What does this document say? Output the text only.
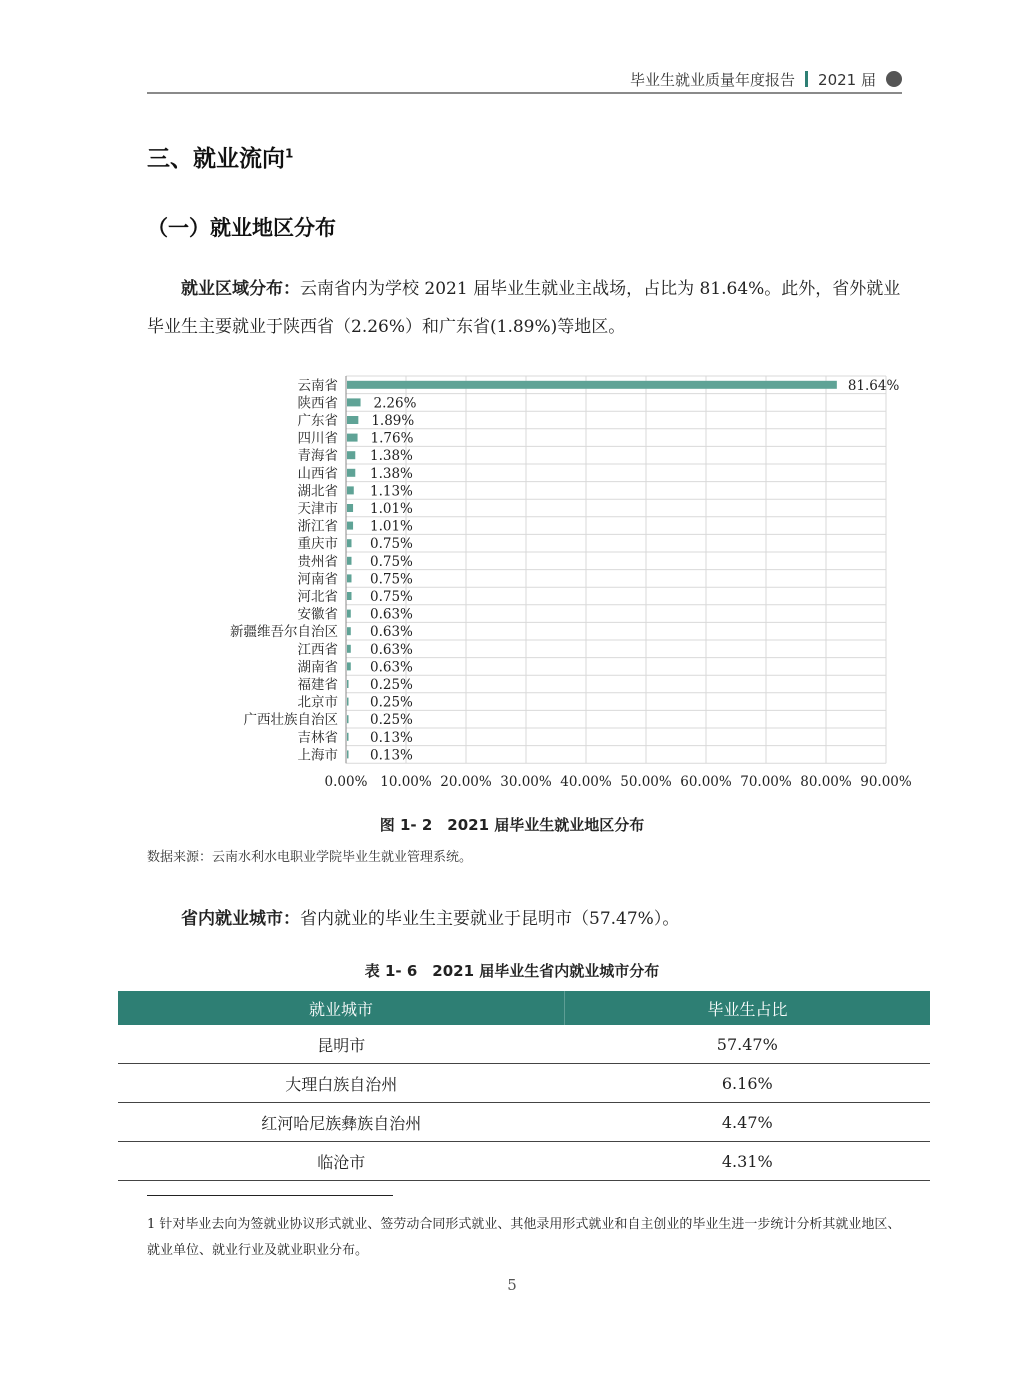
毕业生就业质量年度报告 2021 届
三、就业流向$^1$
（一）就业地区分布
就业区域分布：云南省内为学校 2021 届毕业生就业主战场，占比为 81.64%。此外，省外就业毕业生主要就业于陕西省（2.26%）和广东省(1.89%)等地区。
云南省	81.64%
陕西省	2.26%
广东省 1.89%
四川省 1.76%
青海省 1.38%
山西省 1.38%
湖北省 1.13%
天津市 1.01%
浙江省 1.01%
重庆市 0.75%
贵州省 0.75%
河南省 0.75%
河北省 0.75%
安徽省 0.63%
新疆维吾尔自治区 0.63%
江西省 0.63%
湖南省 0.63%
福建省 0.25%
北京市 0.25%
广西壮族自治区 0.25%
吉林省 0.13%
上海市 0.13%
0.00% 10.00% 20.00% 30.00% 40.00% 50.00% 60.00% 70.00% 80.00% 90.00%
图 1- 2　2021 届毕业生就业地区分布
数据来源：云南水利水电职业学院毕业生就业管理系统。
省内就业城市：省内就业的毕业生主要就业于昆明市（57.47%）。
表 1- 6　2021 届毕业生省内就业城市分布
就业城市	毕业生占比
昆明市	57.47%
大理白族自治州	6.16%
红河哈尼族彝族自治州	4.47%
临沧市	4.31%
1 针对毕业去向为签就业协议形式就业、签劳动合同形式就业、其他录用形式就业和自主创业的毕业生进一步统计分析其就业地区、就业单位、就业行业及就业职业分布。
5
